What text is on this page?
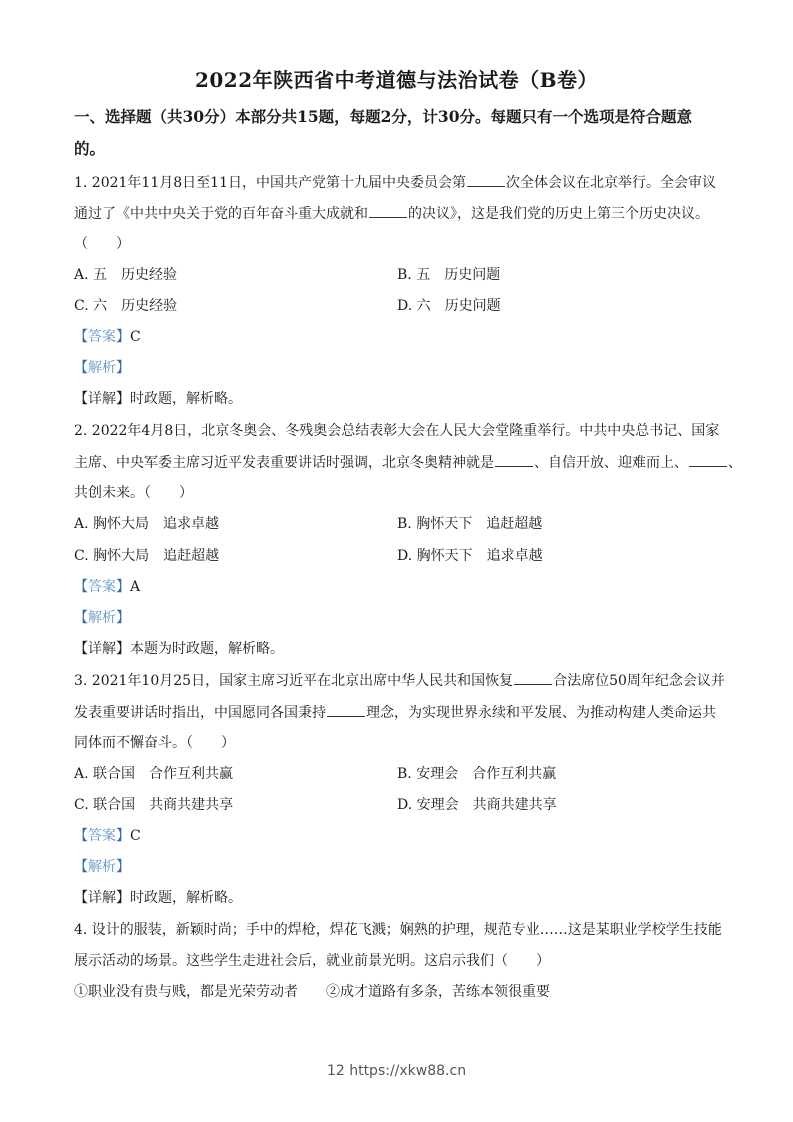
2022年陕西省中考道德与法治试卷（B卷）
一、选择题（共30分）本部分共15题，每题2分，计30分。每题只有一个选项是符合题意
的。
1. 2021年11月8日至11日，中国共产党第十九届中央委员会第	次全体会议在北京举行。全会审议
通过了《中共中央关于党的百年奋斗重大成就和	的决议》，这是我们党的历史上第三个历史决议。
（　　）
A. 五　历史经验	B. 五　历史问题
C. 六　历史经验	D. 六　历史问题
【答案】C
【解析】
【详解】时政题，解析略。
2. 2022年4月8日，北京冬奥会、冬残奥会总结表彰大会在人民大会堂隆重举行。中共中央总书记、国家
主席、中央军委主席习近平发表重要讲话时强调，北京冬奥精神就是	、自信开放、迎难而上、	、
共创未来。（　　）
A. 胸怀大局　追求卓越	B. 胸怀天下　追赶超越
C. 胸怀大局　追赶超越	D. 胸怀天下　追求卓越
【答案】A
【解析】
【详解】本题为时政题，解析略。
3. 2021年10月25日，国家主席习近平在北京出席中华人民共和国恢复	合法席位50周年纪念会议并
发表重要讲话时指出，中国愿同各国秉持	理念，为实现世界永续和平发展、为推动构建人类命运共
同体而不懈奋斗。（　　）
A. 联合国　合作互利共赢	B. 安理会　合作互利共赢
C. 联合国　共商共建共享	D. 安理会　共商共建共享
【答案】C
【解析】
【详解】时政题，解析略。
4. 设计的服装，新颖时尚；手中的焊枪，焊花飞溅；娴熟的护理，规范专业……这是某职业学校学生技能
展示活动的场景。这些学生走进社会后，就业前景光明。这启示我们（　　）
①职业没有贵与贱，都是光荣劳动者　　②成才道路有多条，苦练本领很重要
12 https://xkw88.cn
